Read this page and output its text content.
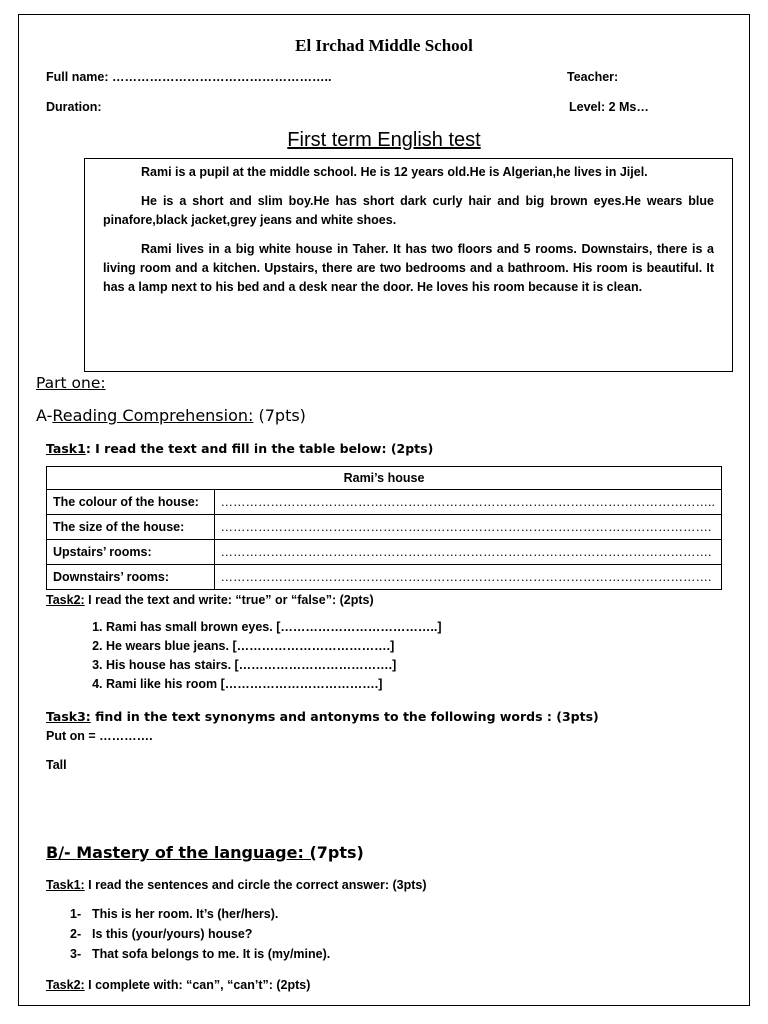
El Irchad Middle School
Full name: ……………………………………………..	Teacher:
Duration:	Level: 2 Ms…
First term English test

Rami is a pupil at the middle school. He is 12 years old.He is Algerian,he lives in Jijel.

He is a short and slim boy.He has short dark curly hair and big brown eyes.He wears blue pinafore,black jacket,grey jeans and white shoes.

Rami lives in a big white house in Taher. It has two floors and 5 rooms. Downstairs, there is a living room and a kitchen. Upstairs, there are two bedrooms and a bathroom. His room is beautiful. It has a lamp next to his bed and a desk near the door. He loves his room because it is clean.

Part one:
A-Reading Comprehension: (7pts)
Task1: I read the text and fill in the table below: (2pts)
Rami’s house	
The colour of the house:	………………………………………………………………………………………………………..
The size of the house:	……………………………………………………………………………………………………….
Upstairs’ rooms:	……………………………………………………………………………………………………….
Downstairs’ rooms:	……………………………………………………………………………………………………….
Task2: I read the text and write: “true” or “false”: (2pts)
1. Rami has small brown eyes. [………………………………..]
2. He wears blue jeans. [……………………………….]
3. His house has stairs. [……………………………….]
4. Rami like his room [……………………………….]
Task3: find in the text synonyms and antonyms to the following words : (3pts)
Put on = ………….
Tall
B/- Mastery of the language: (7pts)
Task1: I read the sentences and circle the correct answer: (3pts)
1- This is her room. It’s (her/hers).
2- Is this (your/yours) house?
3- That sofa belongs to me. It is (my/mine).
Task2: I complete with: “can”, “can’t”: (2pts)
